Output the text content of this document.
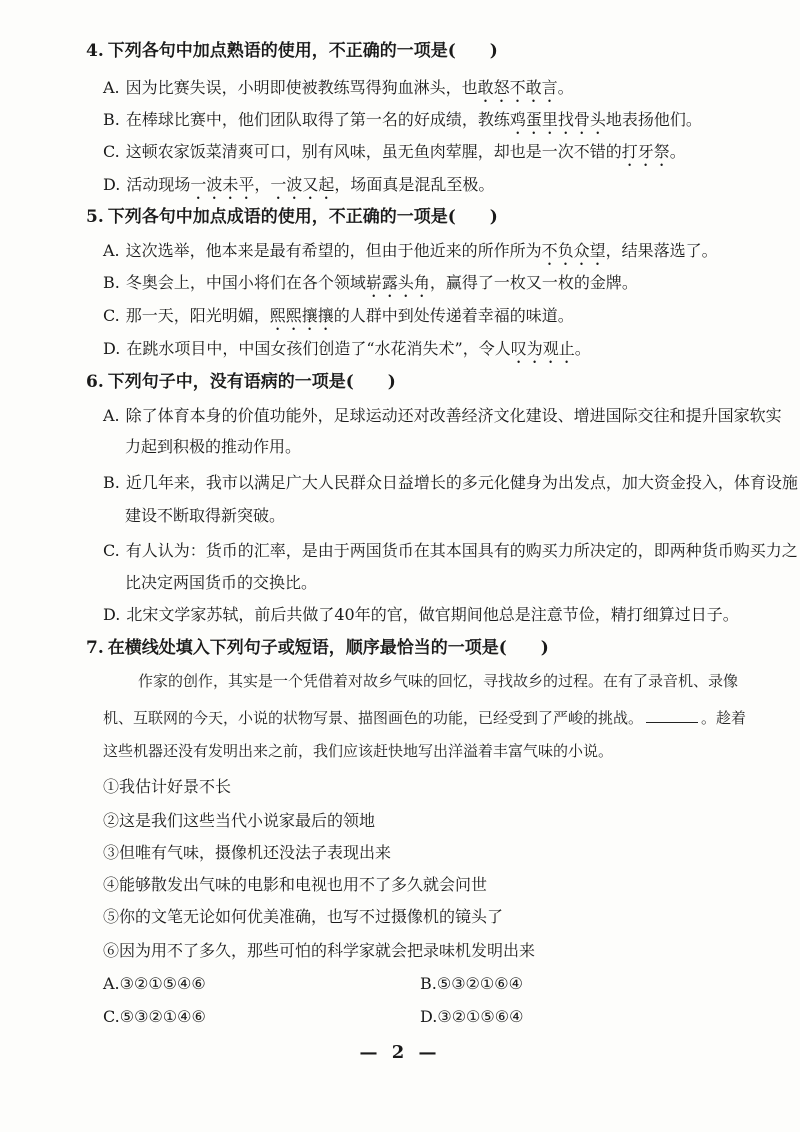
4. 下列各句中加点熟语的使用，不正确的一项是(　　)
A. 因为比赛失误，小明即使被教练骂得狗血淋头，也敢怒不敢言。
B. 在棒球比赛中，他们团队取得了第一名的好成绩，教练鸡蛋里找骨头地表扬他们。
C. 这顿农家饭菜清爽可口，别有风味，虽无鱼肉荤腥，却也是一次不错的打牙祭。
D. 活动现场一波未平，一波又起，场面真是混乱至极。
5. 下列各句中加点成语的使用，不正确的一项是(　　)
A. 这次选举，他本来是最有希望的，但由于他近来的所作所为不负众望，结果落选了。
B. 冬奥会上，中国小将们在各个领域崭露头角，赢得了一枚又一枚的金牌。
C. 那一天，阳光明媚，熙熙攘攘的人群中到处传递着幸福的味道。
D. 在跳水项目中，中国女孩们创造了“水花消失术”，令人叹为观止。
6. 下列句子中，没有语病的一项是(　　)
A. 除了体育本身的价值功能外，足球运动还对改善经济文化建设、增进国际交往和提升国家软实
力起到积极的推动作用。
B. 近几年来，我市以满足广大人民群众日益增长的多元化健身为出发点，加大资金投入，体育设施
建设不断取得新突破。
C. 有人认为：货币的汇率，是由于两国货币在其本国具有的购买力所决定的，即两种货币购买力之
比决定两国货币的交换比。
D. 北宋文学家苏轼，前后共做了40年的官，做官期间他总是注意节俭，精打细算过日子。
7. 在横线处填入下列句子或短语，顺序最恰当的一项是(　　)
作家的创作，其实是一个凭借着对故乡气味的回忆，寻找故乡的过程。在有了录音机、录像
机、互联网的今天，小说的状物写景、描图画色的功能，已经受到了严峻的挑战。	。趁着
这些机器还没有发明出来之前，我们应该赶快地写出洋溢着丰富气味的小说。
①我估计好景不长
②这是我们这些当代小说家最后的领地
③但唯有气味，摄像机还没法子表现出来
④能够散发出气味的电影和电视也用不了多久就会问世
⑤你的文笔无论如何优美准确，也写不过摄像机的镜头了
⑥因为用不了多久，那些可怕的科学家就会把录味机发明出来
A.③②①⑤④⑥	B.⑤③②①⑥④
C.⑤③②①④⑥	D.③②①⑤⑥④
— 2 —
